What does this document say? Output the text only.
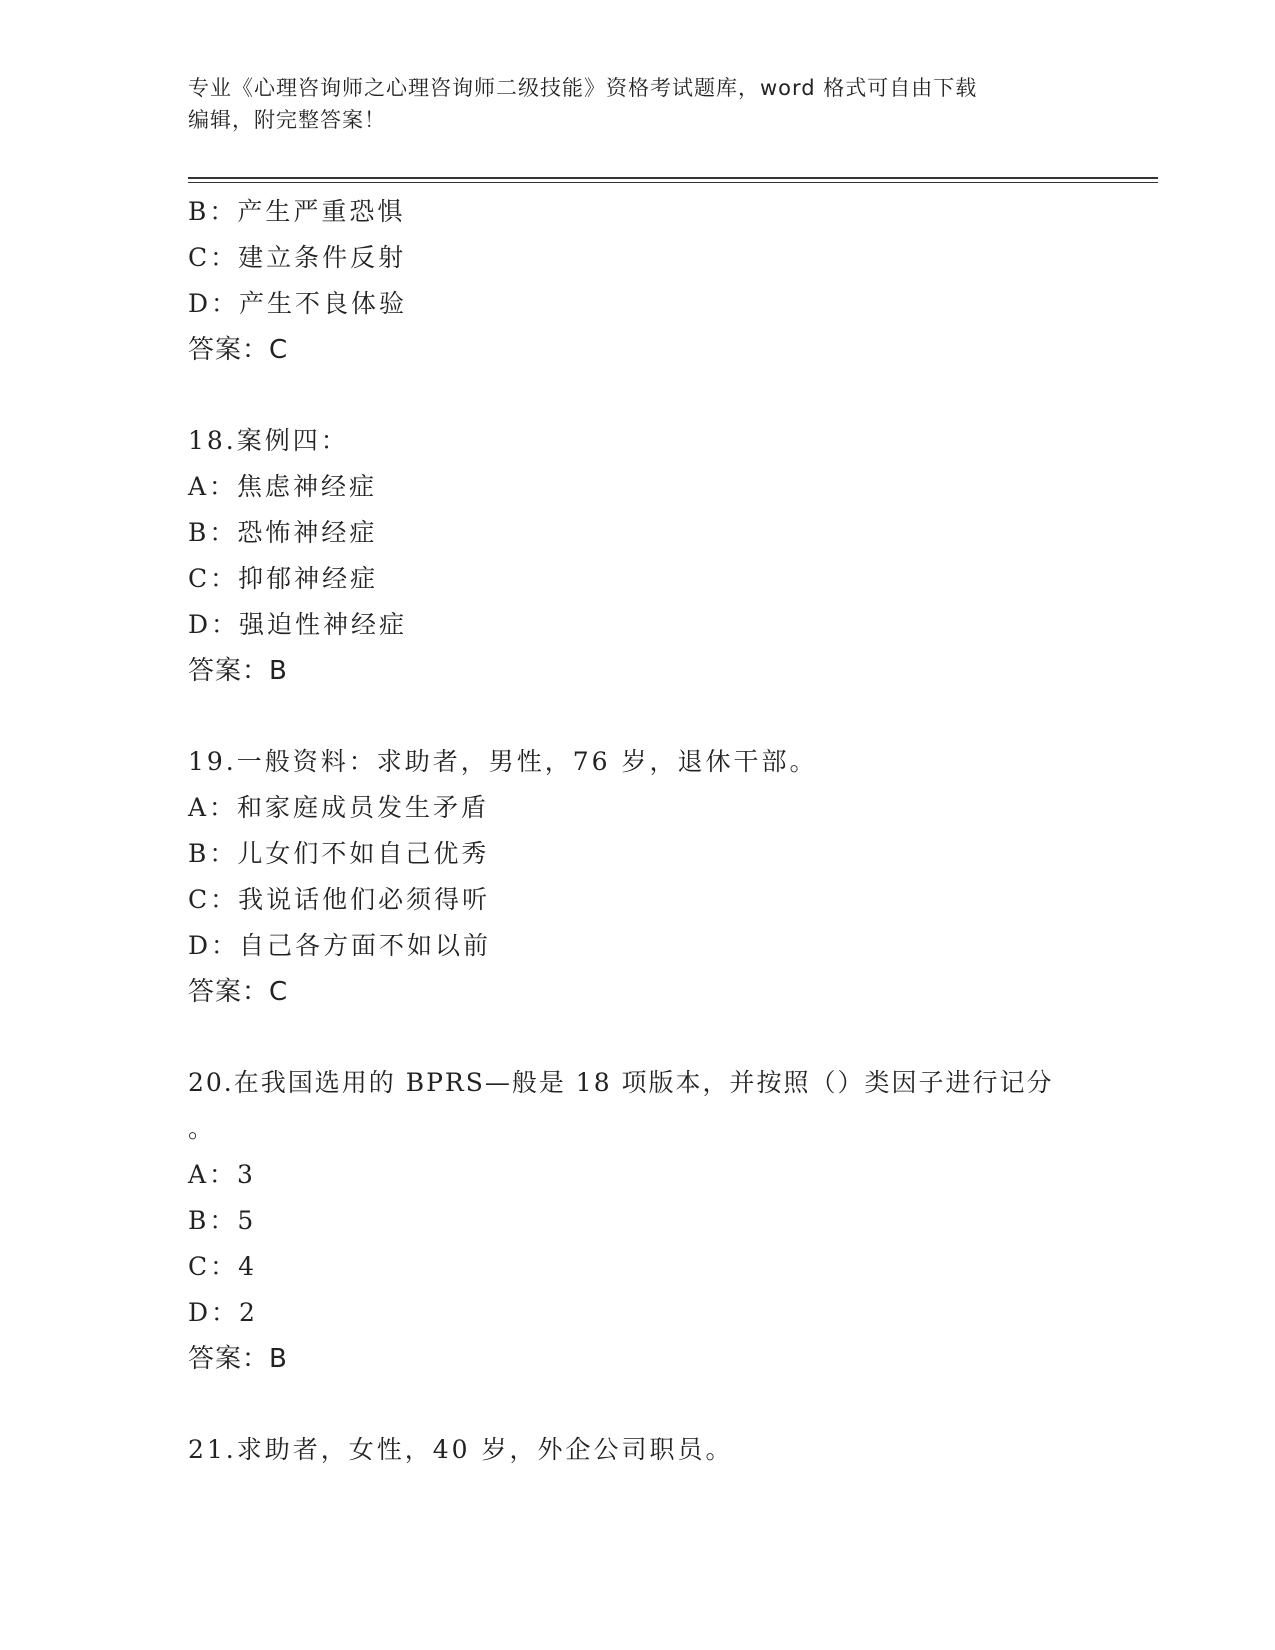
专业《心理咨询师之心理咨询师二级技能》资格考试题库，word 格式可自由下载
编辑，附完整答案！
B：产生严重恐惧
C：建立条件反射
D：产生不良体验
答案：C
18.案例四：
A：焦虑神经症
B：恐怖神经症
C：抑郁神经症
D：强迫性神经症
答案：B
19.一般资料：求助者，男性，76 岁，退休干部。
A：和家庭成员发生矛盾
B：儿女们不如自己优秀
C：我说话他们必须得听
D：自己各方面不如以前
答案：C
20.在我国选用的 BPRS—般是 18 项版本，并按照（）类因子进行记分
。
A：3
B：5
C：4
D：2
答案：B
21.求助者，女性，40 岁，外企公司职员。
